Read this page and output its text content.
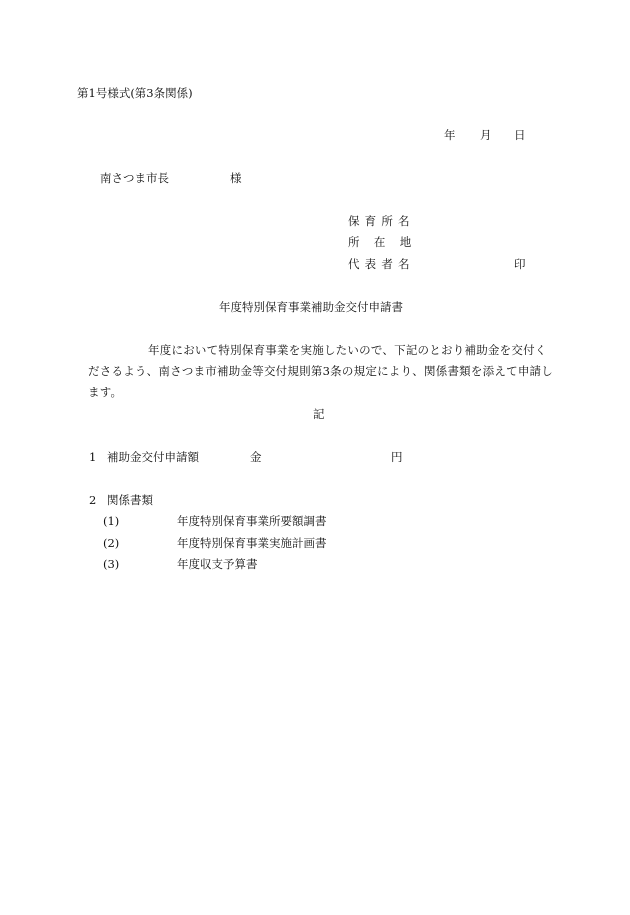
第1号様式(第3条関係)
年 月 日
南さつま市長	様
保育所名
所在地
代表者名	印
年度特別保育事業補助金交付申請書
年度において特別保育事業を実施したいので、下記のとおり補助金を交付く
ださるよう、南さつま市補助金等交付規則第3条の規定により、関係書類を添えて申請し
ます。
記
1 補助金交付申請額	金	円
2 関係書類
(1)	年度特別保育事業所要額調書
(2)	年度特別保育事業実施計画書
(3)	年度収支予算書
